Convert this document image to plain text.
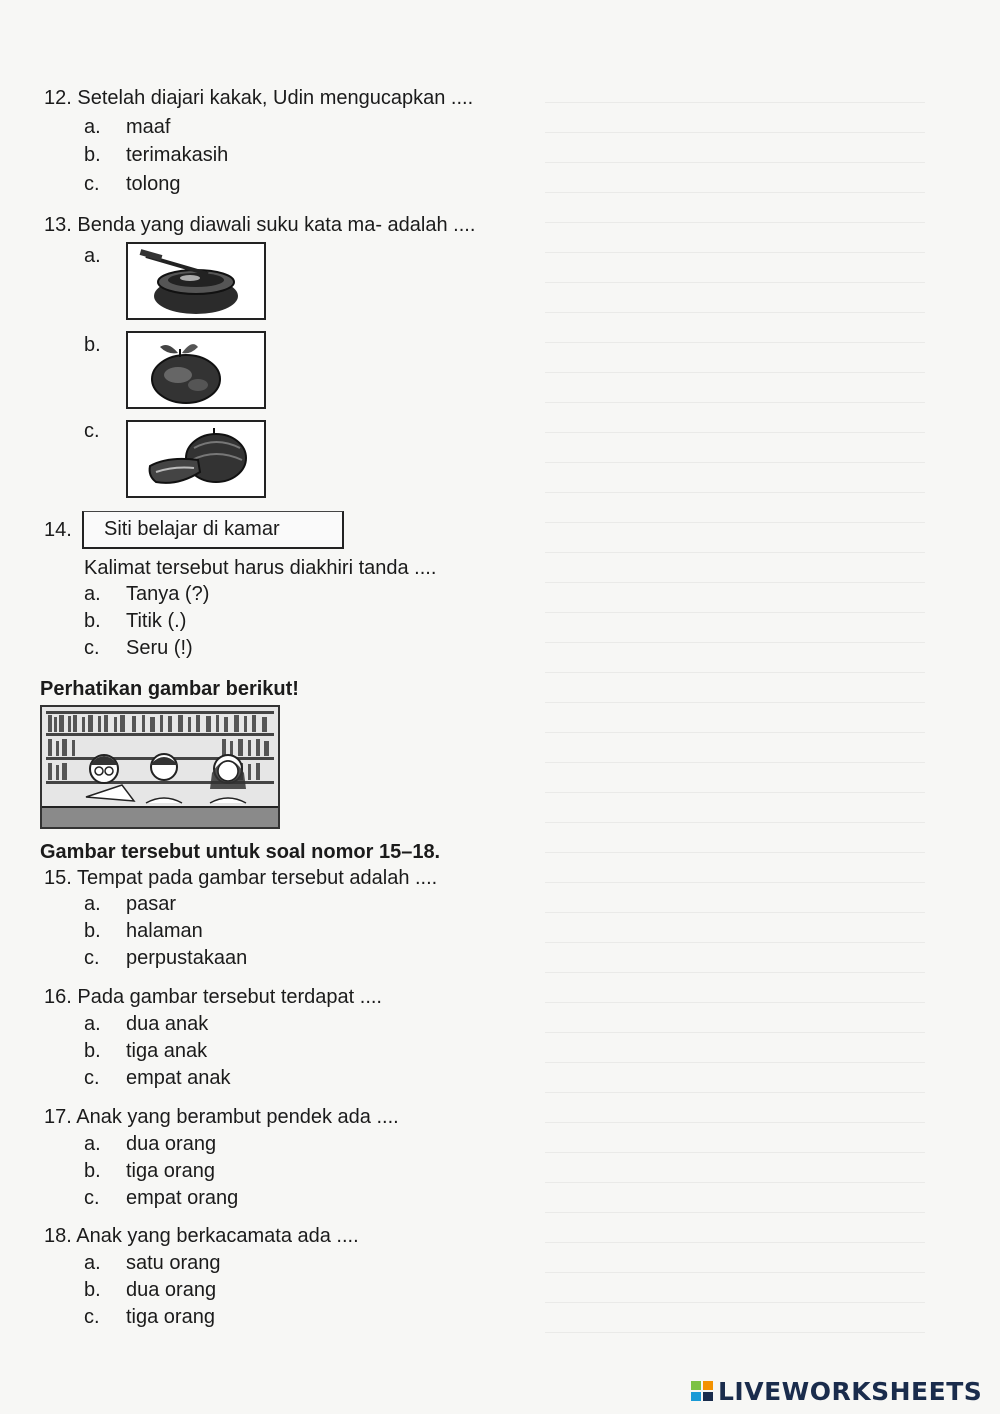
12. Setelah diajari kakak, Udin mengucapkan ....
a. maaf
b. terimakasih
c. tolong
13. Benda yang diawali suku kata ma- adalah ....
a.
b.
c.
14.	Siti belajar di kamar
Kalimat tersebut harus diakhiri tanda ....
a. Tanya (?)
b. Titik (.)
c. Seru (!)
Perhatikan gambar berikut!
Gambar tersebut untuk soal nomor 15–18.
15. Tempat pada gambar tersebut adalah ....
a. pasar
b. halaman
c. perpustakaan
16. Pada gambar tersebut terdapat ....
a. dua anak
b. tiga anak
c. empat anak
17. Anak yang berambut pendek ada ....
a. dua orang
b. tiga orang
c. empat orang
18. Anak yang berkacamata ada ....
a. satu orang
b. dua orang
c. tiga orang
LIVEWORKSHEETS
